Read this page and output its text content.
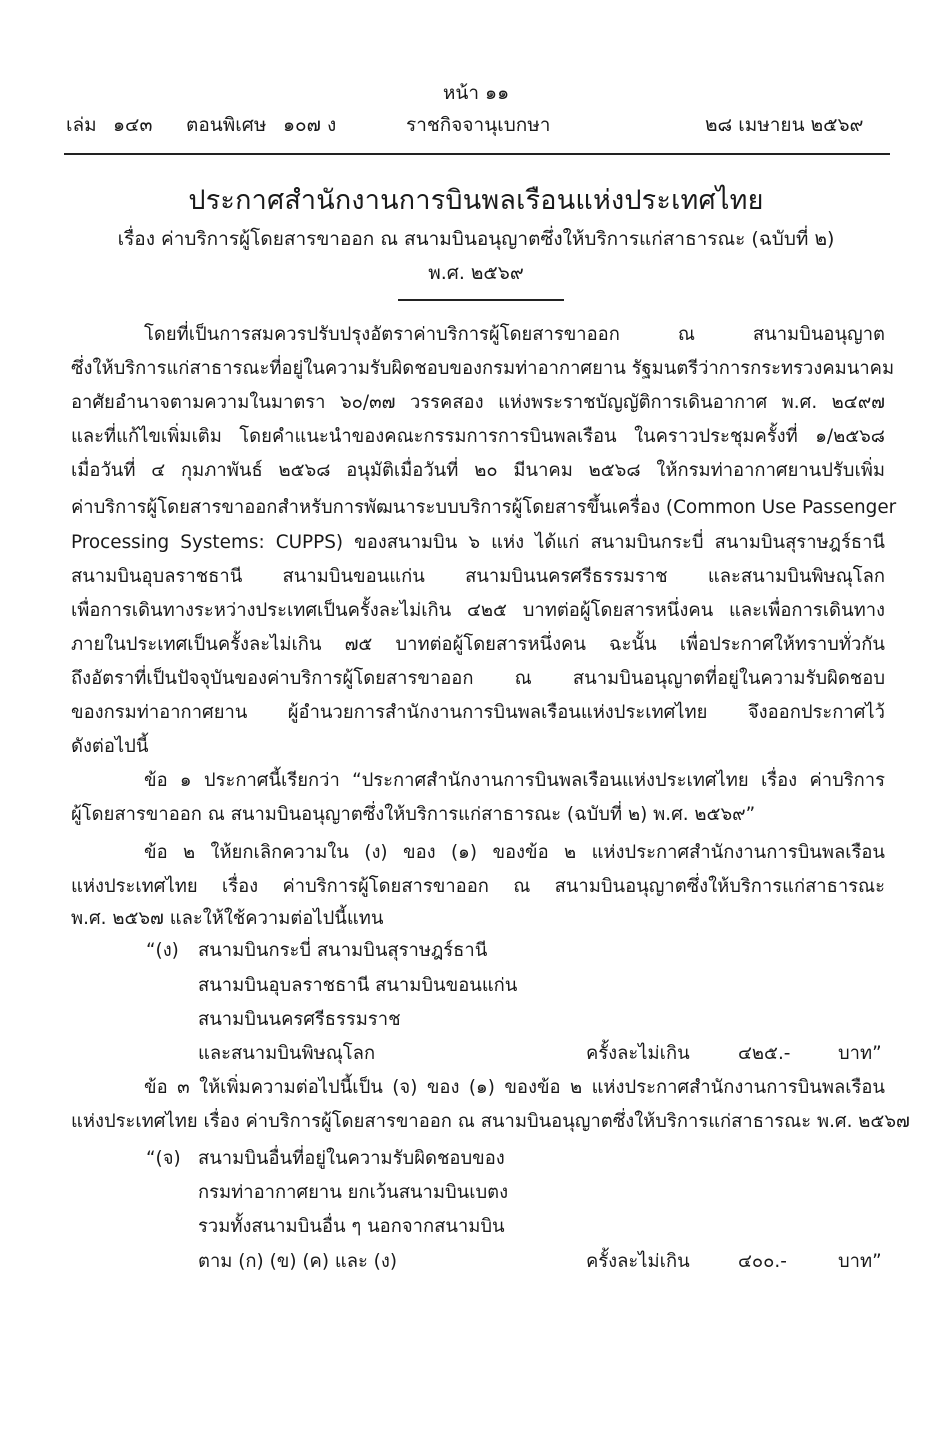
หน้า ๑๑
เล่ม ๑๔๓ ตอนพิเศษ ๑๐๗ ง	ราชกิจจานุเบกษา	๒๘ เมษายน ๒๕๖๙
ประกาศสำนักงานการบินพลเรือนแห่งประเทศไทย
เรื่อง ค่าบริการผู้โดยสารขาออก ณ สนามบินอนุญาตซึ่งให้บริการแก่สาธารณะ (ฉบับที่ ๒)
พ.ศ. ๒๕๖๙
โดยที่เป็นการสมควรปรับปรุงอัตราค่าบริการผู้โดยสารขาออก ณ สนามบินอนุญาต
ซึ่งให้บริการแก่สาธารณะที่อยู่ในความรับผิดชอบของกรมท่าอากาศยาน รัฐมนตรีว่าการกระทรวงคมนาคม
อาศัยอำนาจตามความในมาตรา ๖๐/๓๗ วรรคสอง แห่งพระราชบัญญัติการเดินอากาศ พ.ศ. ๒๔๙๗
และที่แก้ไขเพิ่มเติม โดยคำแนะนำของคณะกรรมการการบินพลเรือน ในคราวประชุมครั้งที่ ๑/๒๕๖๘
เมื่อวันที่ ๔ กุมภาพันธ์ ๒๕๖๘ อนุมัติเมื่อวันที่ ๒๐ มีนาคม ๒๕๖๘ ให้กรมท่าอากาศยานปรับเพิ่ม
ค่าบริการผู้โดยสารขาออกสำหรับการพัฒนาระบบบริการผู้โดยสารขึ้นเครื่อง (Common Use Passenger
Processing Systems: CUPPS) ของสนามบิน ๖ แห่ง ได้แก่ สนามบินกระบี่ สนามบินสุราษฎร์ธานี
สนามบินอุบลราชธานี สนามบินขอนแก่น สนามบินนครศรีธรรมราช และสนามบินพิษณุโลก
เพื่อการเดินทางระหว่างประเทศเป็นครั้งละไม่เกิน ๔๒๕ บาทต่อผู้โดยสารหนึ่งคน และเพื่อการเดินทาง
ภายในประเทศเป็นครั้งละไม่เกิน ๗๕ บาทต่อผู้โดยสารหนึ่งคน ฉะนั้น เพื่อประกาศให้ทราบทั่วกัน
ถึงอัตราที่เป็นปัจจุบันของค่าบริการผู้โดยสารขาออก ณ สนามบินอนุญาตที่อยู่ในความรับผิดชอบ
ของกรมท่าอากาศยาน ผู้อำนวยการสำนักงานการบินพลเรือนแห่งประเทศไทย จึงออกประกาศไว้
ดังต่อไปนี้
ข้อ ๑ ประกาศนี้เรียกว่า “ประกาศสำนักงานการบินพลเรือนแห่งประเทศไทย เรื่อง ค่าบริการ
ผู้โดยสารขาออก ณ สนามบินอนุญาตซึ่งให้บริการแก่สาธารณะ (ฉบับที่ ๒) พ.ศ. ๒๕๖๙”
ข้อ ๒ ให้ยกเลิกความใน (ง) ของ (๑) ของข้อ ๒ แห่งประกาศสำนักงานการบินพลเรือน
แห่งประเทศไทย เรื่อง ค่าบริการผู้โดยสารขาออก ณ สนามบินอนุญาตซึ่งให้บริการแก่สาธารณะ
พ.ศ. ๒๕๖๗ และให้ใช้ความต่อไปนี้แทน
“(ง) สนามบินกระบี่ สนามบินสุราษฎร์ธานี
สนามบินอุบลราชธานี สนามบินขอนแก่น
สนามบินนครศรีธรรมราช
และสนามบินพิษณุโลก	ครั้งละไม่เกิน	๔๒๕.-	บาท”
ข้อ ๓ ให้เพิ่มความต่อไปนี้เป็น (จ) ของ (๑) ของข้อ ๒ แห่งประกาศสำนักงานการบินพลเรือน
แห่งประเทศไทย เรื่อง ค่าบริการผู้โดยสารขาออก ณ สนามบินอนุญาตซึ่งให้บริการแก่สาธารณะ พ.ศ. ๒๕๖๗
“(จ) สนามบินอื่นที่อยู่ในความรับผิดชอบของ
กรมท่าอากาศยาน ยกเว้นสนามบินเบตง
รวมทั้งสนามบินอื่น ๆ นอกจากสนามบิน
ตาม (ก) (ข) (ค) และ (ง)	ครั้งละไม่เกิน	๔๐๐.-	บาท”
